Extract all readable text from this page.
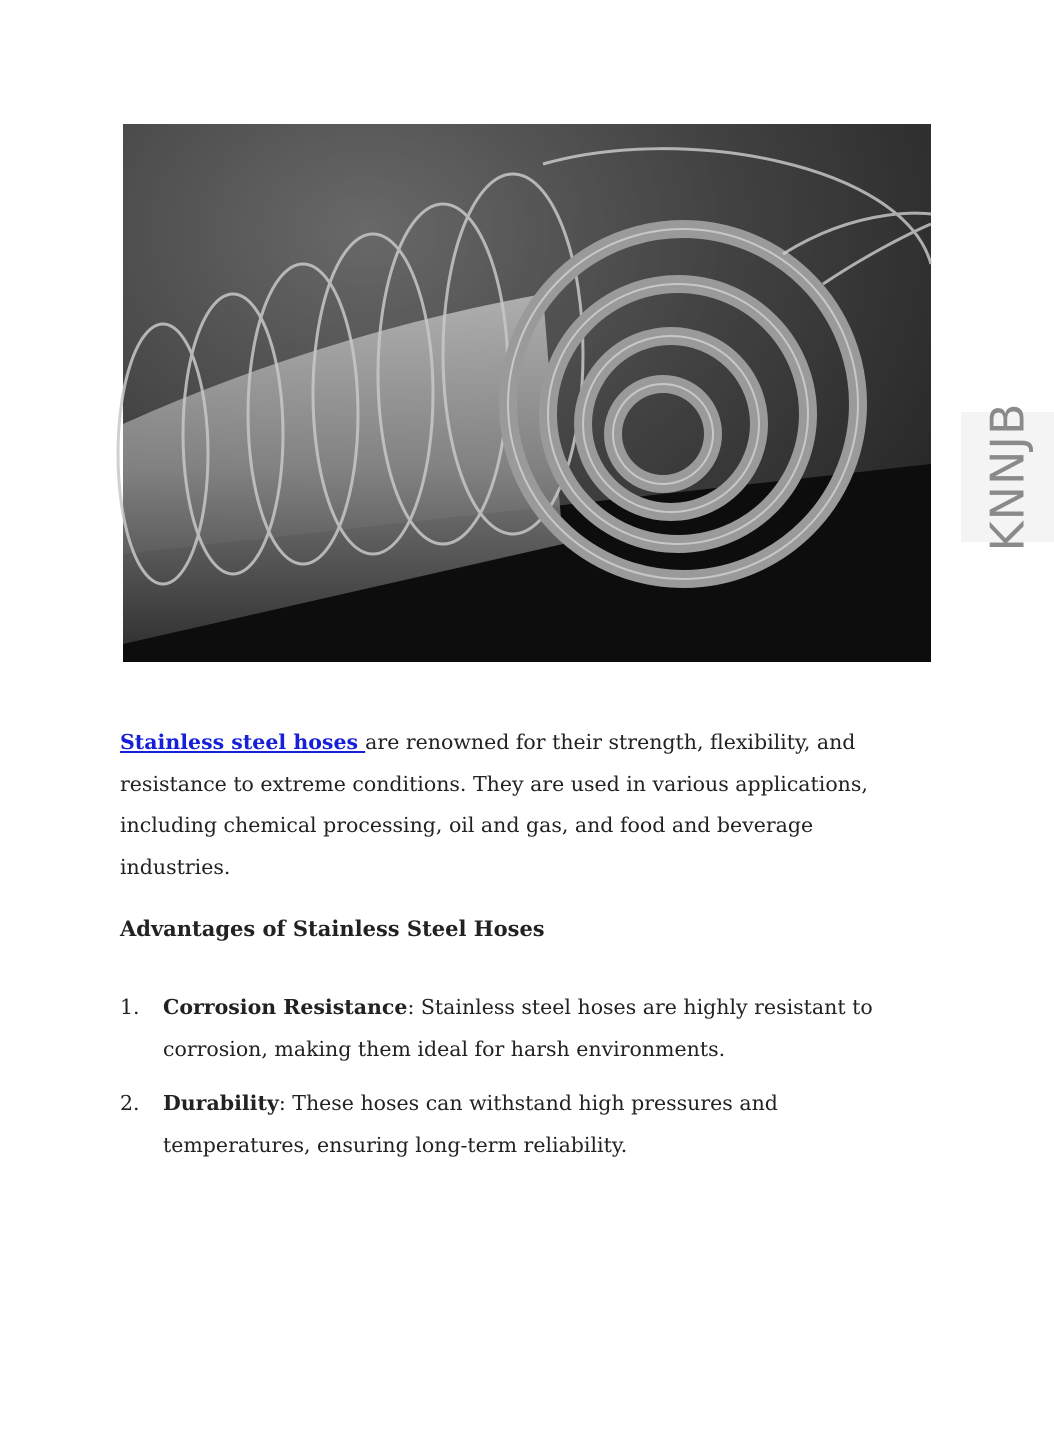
KNNJB

Stainless steel hoses are renowned for their strength, flexibility, and resistance to extreme conditions. They are used in various applications, including chemical processing, oil and gas, and food and beverage industries.

Advantages of Stainless Steel Hoses
1. Corrosion Resistance: Stainless steel hoses are highly resistant to corrosion, making them ideal for harsh environments.
2. Durability: These hoses can withstand high pressures and temperatures, ensuring long-term reliability.
